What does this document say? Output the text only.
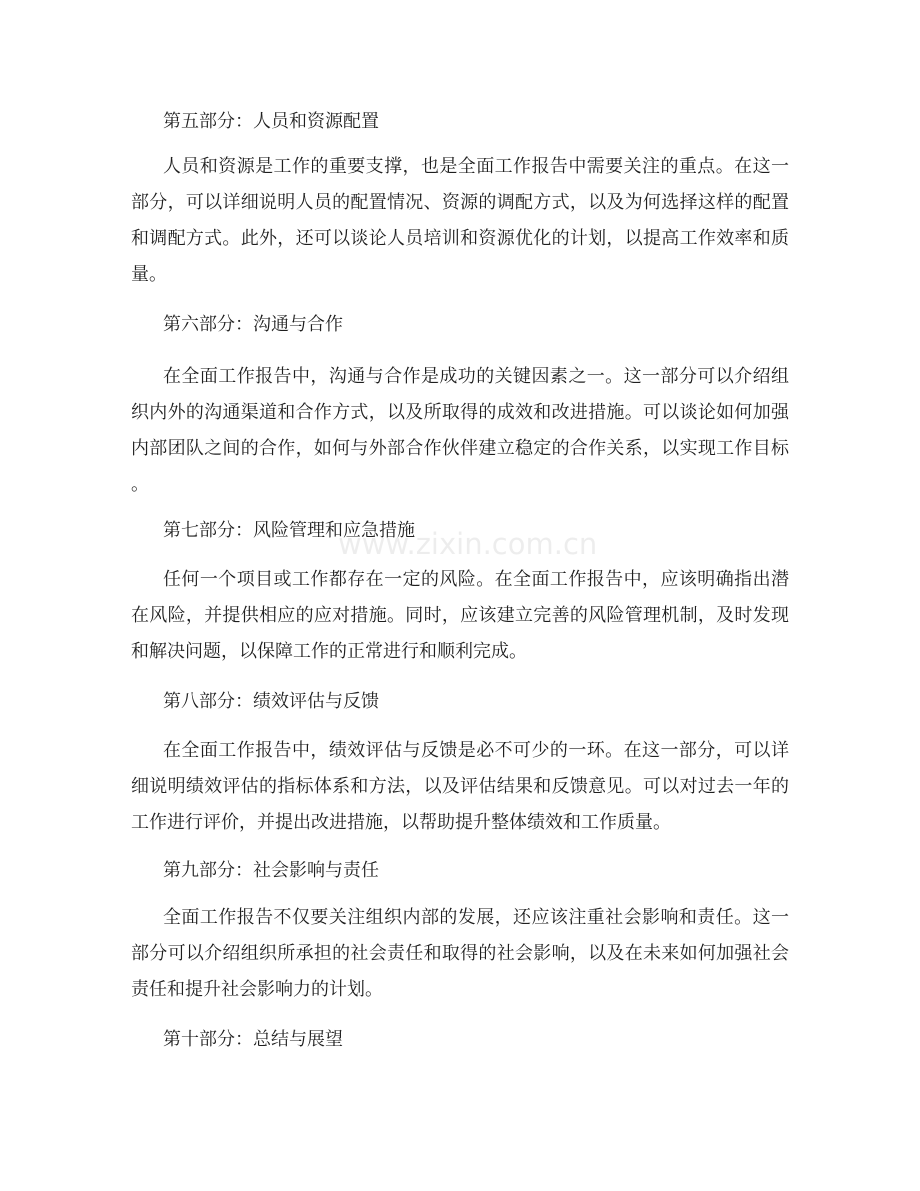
第五部分：人员和资源配置
人员和资源是工作的重要支撑，也是全面工作报告中需要关注的重点。在这一
部分，可以详细说明人员的配置情况、资源的调配方式，以及为何选择这样的配置
和调配方式。此外，还可以谈论人员培训和资源优化的计划，以提高工作效率和质
量。
第六部分：沟通与合作
在全面工作报告中，沟通与合作是成功的关键因素之一。这一部分可以介绍组
织内外的沟通渠道和合作方式，以及所取得的成效和改进措施。可以谈论如何加强
内部团队之间的合作，如何与外部合作伙伴建立稳定的合作关系，以实现工作目标
。
第七部分：风险管理和应急措施
任何一个项目或工作都存在一定的风险。在全面工作报告中，应该明确指出潜
在风险，并提供相应的应对措施。同时，应该建立完善的风险管理机制，及时发现
和解决问题，以保障工作的正常进行和顺利完成。
第八部分：绩效评估与反馈
在全面工作报告中，绩效评估与反馈是必不可少的一环。在这一部分，可以详
细说明绩效评估的指标体系和方法，以及评估结果和反馈意见。可以对过去一年的
工作进行评价，并提出改进措施，以帮助提升整体绩效和工作质量。
第九部分：社会影响与责任
全面工作报告不仅要关注组织内部的发展，还应该注重社会影响和责任。这一
部分可以介绍组织所承担的社会责任和取得的社会影响，以及在未来如何加强社会
责任和提升社会影响力的计划。
第十部分：总结与展望
www.zixin.com.cn
